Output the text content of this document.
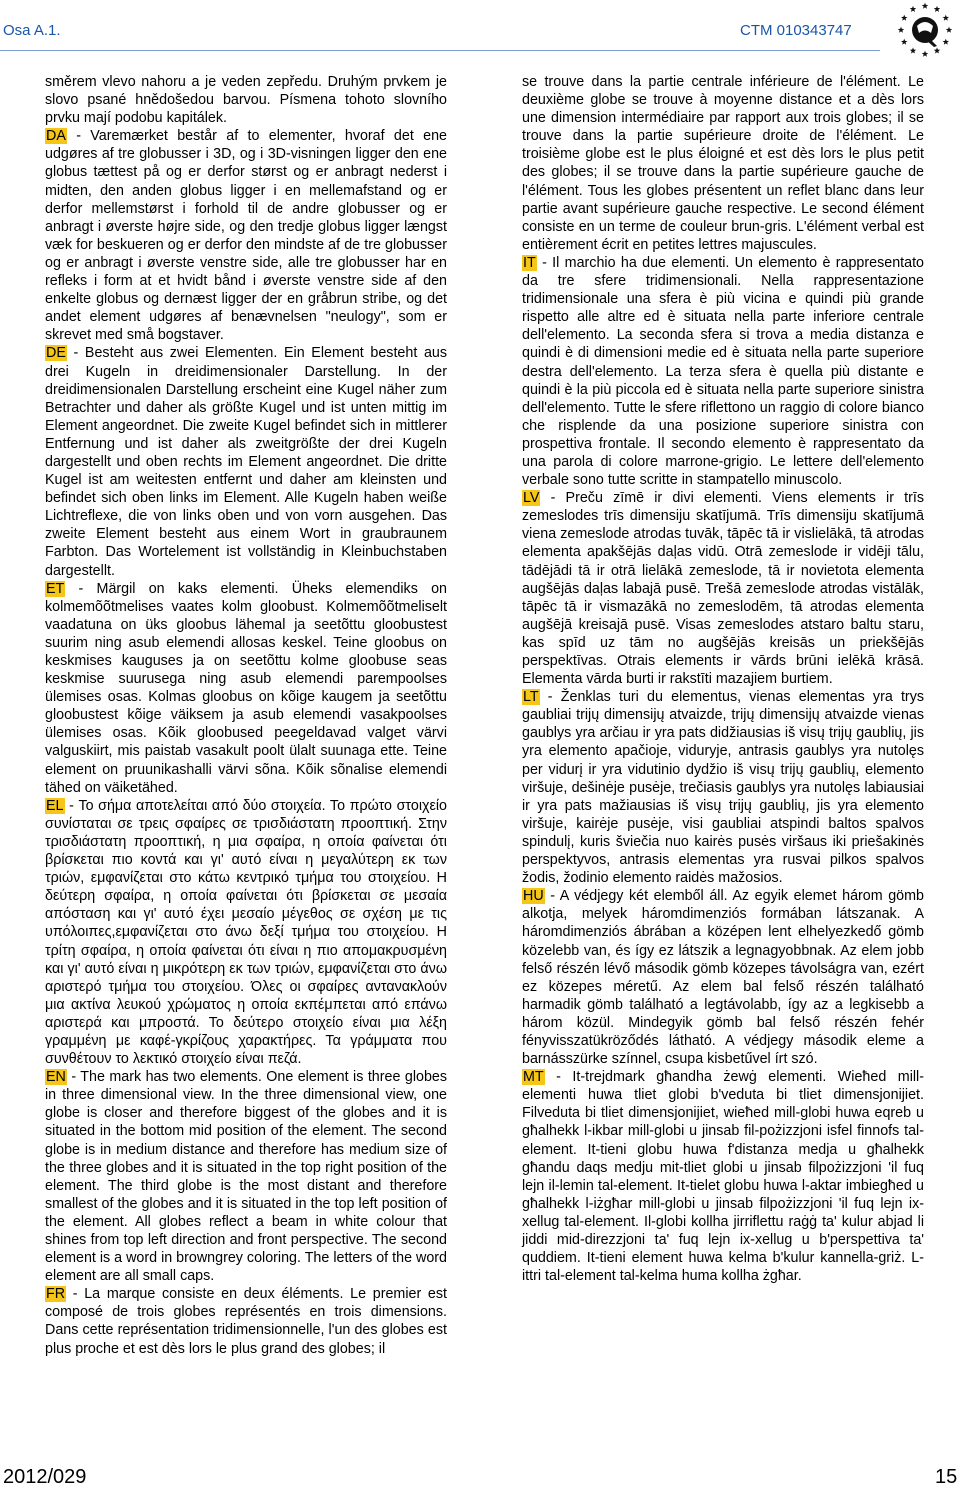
Osa A.1.	CTM 010343747

směrem vlevo nahoru a je veden zepředu. Druhým prvkem je slovo psané hnědošedou barvou. Písmena tohoto slovního prvku mají podobu kapitálek.

DA - Varemærket består af to elementer, hvoraf det ene udgøres af tre globusser i 3D, og i 3D-visningen ligger den ene globus tættest på og er derfor størst og er anbragt nederst i midten, den anden globus ligger i en mellemafstand og er derfor mellemstørst i forhold til de andre globusser og er anbragt i øverste højre side, og den tredje globus ligger længst væk for beskueren og er derfor den mindste af de tre globusser og er anbragt i øverste venstre side, alle tre globusser har en refleks i form at et hvidt bånd i øverste venstre side af den enkelte globus og dernæst ligger der en gråbrun stribe, og det andet element udgøres af benævnelsen "neulogy", som er skrevet med små bogstaver.

DE - Besteht aus zwei Elementen. Ein Element besteht aus drei Kugeln in dreidimensionaler Darstellung. In der dreidimensionalen Darstellung erscheint eine Kugel näher zum Betrachter und daher als größte Kugel und ist unten mittig im Element angeordnet. Die zweite Kugel befindet sich in mittlerer Entfernung und ist daher als zweitgrößte der drei Kugeln dargestellt und oben rechts im Element angeordnet. Die dritte Kugel ist am weitesten entfernt und daher am kleinsten und befindet sich oben links im Element. Alle Kugeln haben weiße Lichtreflexe, die von links oben und von vorn ausgehen. Das zweite Element besteht aus einem Wort in graubraunem Farbton. Das Wortelement ist vollständig in Kleinbuchstaben dargestellt.

ET - Märgil on kaks elementi. Üheks elemendiks on kolmemõõtmelises vaates kolm gloobust. Kolmemõõtmeliselt vaadatuna on üks gloobus lähemal ja seetõttu gloobustest suurim ning asub elemendi allosas keskel. Teine gloobus on keskmises kauguses ja on seetõttu kolme gloobuse seas keskmise suurusega ning asub elemendi parempoolses ülemises osas. Kolmas gloobus on kõige kaugem ja seetõttu gloobustest kõige väiksem ja asub elemendi vasakpoolses ülemises osas. Kõik gloobused peegeldavad valget värvi valguskiirt, mis paistab vasakult poolt ülalt suunaga ette. Teine element on pruunikashalli värvi sõna. Kõik sõnalise elemendi tähed on väiketähed.

EL - Το σήμα αποτελείται από δύο στοιχεία. Το πρώτο στοιχείο συνίσταται σε τρεις σφαίρες σε τρισδιάστατη προοπτική. Στην τρισδιάστατη προοπτική, η μια σφαίρα, η οποία φαίνεται ότι βρίσκεται πιο κοντά και γι' αυτό είναι η μεγαλύτερη εκ των τριών, εμφανίζεται στο κάτω κεντρικό τμήμα του στοιχείου. Η δεύτερη σφαίρα, η οποία φαίνεται ότι βρίσκεται σε μεσαία απόσταση και γι' αυτό έχει μεσαίο μέγεθος σε σχέση με τις υπόλοιπες,εμφανίζεται στο άνω δεξί τμήμα του στοιχείου. Η τρίτη σφαίρα, η οποία φαίνεται ότι είναι η πιο απομακρυσμένη και γι' αυτό είναι η μικρότερη εκ των τριών, εμφανίζεται στο άνω αριστερό τμήμα του στοιχείου. Όλες οι σφαίρες αντανακλούν μια ακτίνα λευκού χρώματος η οποία εκπέμπεται από επάνω αριστερά και μπροστά. Το δεύτερο στοιχείο είναι μια λέξη γραμμένη με καφέ-γκρίζους χαρακτήρες. Τα γράμματα που συνθέτουν το λεκτικό στοιχείο είναι πεζά.

EN - The mark has two elements. One element is three globes in three dimensional view. In the three dimensional view, one globe is closer and therefore biggest of the globes and it is situated in the bottom mid position of the element. The second globe is in medium distance and therefore has medium size of the three globes and it is situated in the top right position of the element. The third globe is the most distant and therefore smallest of the globes and it is situated in the top left position of the element. All globes reflect a beam in white colour that shines from top left direction and front perspective. The second element is a word in browngrey coloring. The letters of the word element are all small caps.

FR - La marque consiste en deux éléments. Le premier est composé de trois globes représentés en trois dimensions. Dans cette représentation tridimensionnelle, l'un des globes est plus proche et est dès lors le plus grand des globes; il

se trouve dans la partie centrale inférieure de l'élément. Le deuxième globe se trouve à moyenne distance et a dès lors une dimension intermédiaire par rapport aux trois globes; il se trouve dans la partie supérieure droite de l'élément. Le troisième globe est le plus éloigné et est dès lors le plus petit des globes; il se trouve dans la partie supérieure gauche de l'élément. Tous les globes présentent un reflet blanc dans leur partie avant supérieure gauche respective. Le second élément consiste en un terme de couleur brun-gris. L'élément verbal est entièrement écrit en petites lettres majuscules.

IT - Il marchio ha due elementi. Un elemento è rappresentato da tre sfere tridimensionali. Nella rappresentazione tridimensionale una sfera è più vicina e quindi più grande rispetto alle altre ed è situata nella parte inferiore centrale dell'elemento. La seconda sfera si trova a media distanza e quindi è di dimensioni medie ed è situata nella parte superiore destra dell'elemento. La terza sfera è quella più distante e quindi è la più piccola ed è situata nella parte superiore sinistra dell'elemento. Tutte le sfere riflettono un raggio di colore bianco che risplende da una posizione superiore sinistra con prospettiva frontale. Il secondo elemento è rappresentato da una parola di colore marrone-grigio. Le lettere dell'elemento verbale sono tutte scritte in stampatello minuscolo.

LV - Preču zīmē ir divi elementi. Viens elements ir trīs zemeslodes trīs dimensiju skatījumā. Trīs dimensiju skatījumā viena zemeslode atrodas tuvāk, tāpēc tā ir vislielākā, tā atrodas elementa apakšējās daļas vidū. Otrā zemeslode ir vidēji tālu, tādējādi tā ir otrā lielākā zemeslode, tā ir novietota elementa augšējās daļas labajā pusē. Trešā zemeslode atrodas vistālāk, tāpēc tā ir vismazākā no zemeslodēm, tā atrodas elementa augšējā kreisajā pusē. Visas zemeslodes atstaro baltu staru, kas spīd uz tām no augšējās kreisās un priekšējās perspektīvas. Otrais elements ir vārds brūni ielēkā krāsā. Elementa vārda burti ir rakstīti mazajiem burtiem.

LT - Ženklas turi du elementus, vienas elementas yra trys gaubliai trijų dimensijų atvaizde, trijų dimensijų atvaizde vienas gaublys yra arčiau ir yra pats didžiausias iš visų trijų gaublių, jis yra elemento apačioje, viduryje, antrasis gaublys yra nutolęs per vidurį ir yra vidutinio dydžio iš visų trijų gaublių, elemento viršuje, dešinėje pusėje, trečiasis gaublys yra nutolęs labiausiai ir yra pats mažiausias iš visų trijų gaublių, jis yra elemento viršuje, kairėje pusėje, visi gaubliai atspindi baltos spalvos spindulį, kuris šviečia nuo kairės pusės viršaus iki priešakinės perspektyvos, antrasis elementas yra rusvai pilkos spalvos žodis, žodinio elemento raidės mažosios.

HU - A védjegy két elemből áll. Az egyik elemet három gömb alkotja, melyek háromdimenziós formában látszanak. A háromdimenziós ábrában a középen lent elhelyezkedő gömb közelebb van, és így ez látszik a legnagyobbnak. Az elem jobb felső részén lévő második gömb közepes távolságra van, ezért ez közepes méretű. Az elem bal felső részén található harmadik gömb található a legtávolabb, így az a legkisebb a három közül. Mindegyik gömb bal felső részén fehér fényvisszatükröződés látható. A védjegy második eleme a barnásszürke színnel, csupa kisbetűvel írt szó.

MT - It-trejdmark għandha żewġ elementi. Wieħed mill-elementi huwa tliet globi b'veduta bi tliet dimensjonijiet. Filveduta bi tliet dimensjonijiet, wieħed mill-globi huwa eqreb u għalhekk l-ikbar mill-globi u jinsab fil-pożizzjoni isfel finnofs tal-element. It-tieni globu huwa f'distanza medja u għalhekk għandu daqs medju mit-tliet globi u jinsab filpożizzjoni 'il fuq lejn il-lemin tal-element. It-tielet globu huwa l-aktar imbiegħed u għalhekk l-iżgħar mill-globi u jinsab filpożizzjoni 'il fuq lejn ix-xellug tal-element. Il-globi kollha jirriflettu raġġ ta' kulur abjad li jiddi mid-direzzjoni ta' fuq lejn ix-xellug u b'perspettiva ta' quddiem. It-tieni element huwa kelma b'kulur kannella-griż. L-ittri tal-element tal-kelma huma kollha żgħar.

2012/029	15
